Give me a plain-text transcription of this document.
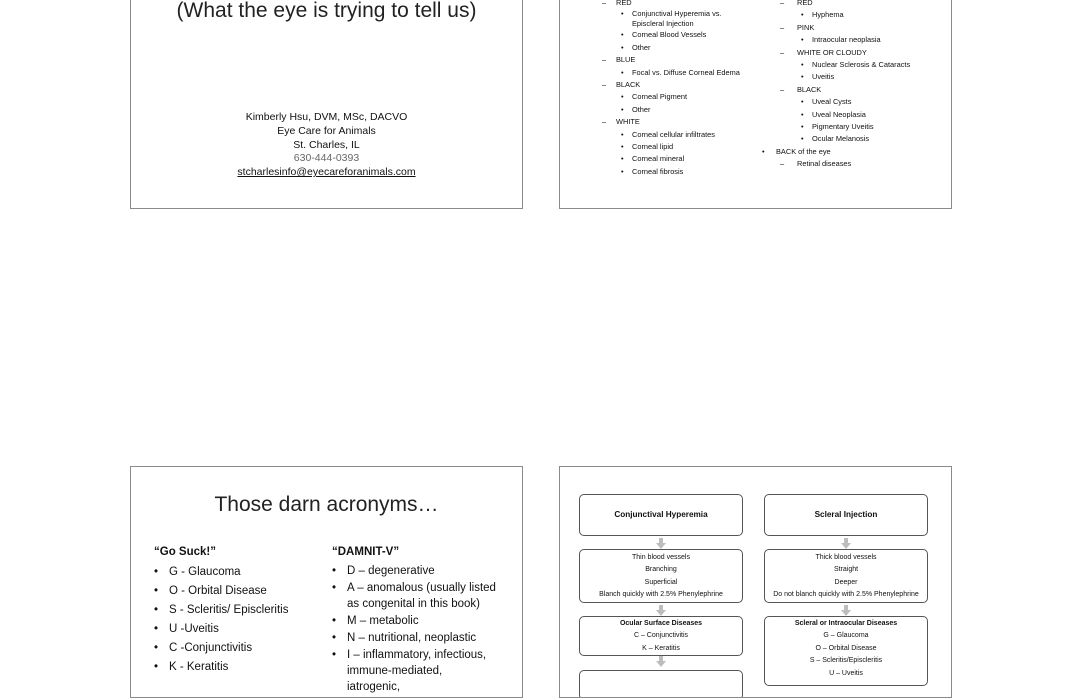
(What the eye is trying to tell us)
Kimberly Hsu, DVM, MSc, DACVO
Eye Care for Animals
St. Charles, IL
630-444-0393
stcharlesinfo@eyecareforanimals.com
– RED
• Conjunctival Hyperemia vs.
Episcleral Injection
• Corneal Blood Vessels
• Other
– BLUE
• Focal vs. Diffuse Corneal Edema
– BLACK
• Corneal Pigment
• Other
– WHITE
• Corneal cellular infiltrates
• Corneal lipid
• Corneal mineral
• Corneal fibrosis
– RED
• Hyphema
– PINK
• Intraocular neoplasia
– WHITE OR CLOUDY
• Nuclear Sclerosis & Cataracts
• Uveitis
– BLACK
• Uveal Cysts
• Uveal Neoplasia
• Pigmentary Uveitis
• Ocular Melanosis
• BACK of the eye
– Retinal diseases
Those darn acronyms…
“Go Suck!”
• G - Glaucoma
• O - Orbital Disease
• S - Scleritis/ Episcleritis
• U -Uveitis
• C -Conjunctivitis
• K - Keratitis
“DAMNIT-V”
• D – degenerative
• A – anomalous (usually listed as congenital in this book)
• M – metabolic
• N – nutritional, neoplastic
• I – inflammatory, infectious, immune-mediated, iatrogenic,
Conjunctival Hyperemia	Scleral Injection
Thin blood vessels
Branching
Superficial
Blanch quickly with 2.5% Phenylephrine
Thick blood vessels
Straight
Deeper
Do not blanch quickly with 2.5% Phenylephrine
Ocular Surface Diseases
C – Conjunctivitis
K – Keratitis
Scleral or Intraocular Diseases
G – Glaucoma
O – Orbital Disease
S – Scleritis/Episcleritis
U – Uveitis
